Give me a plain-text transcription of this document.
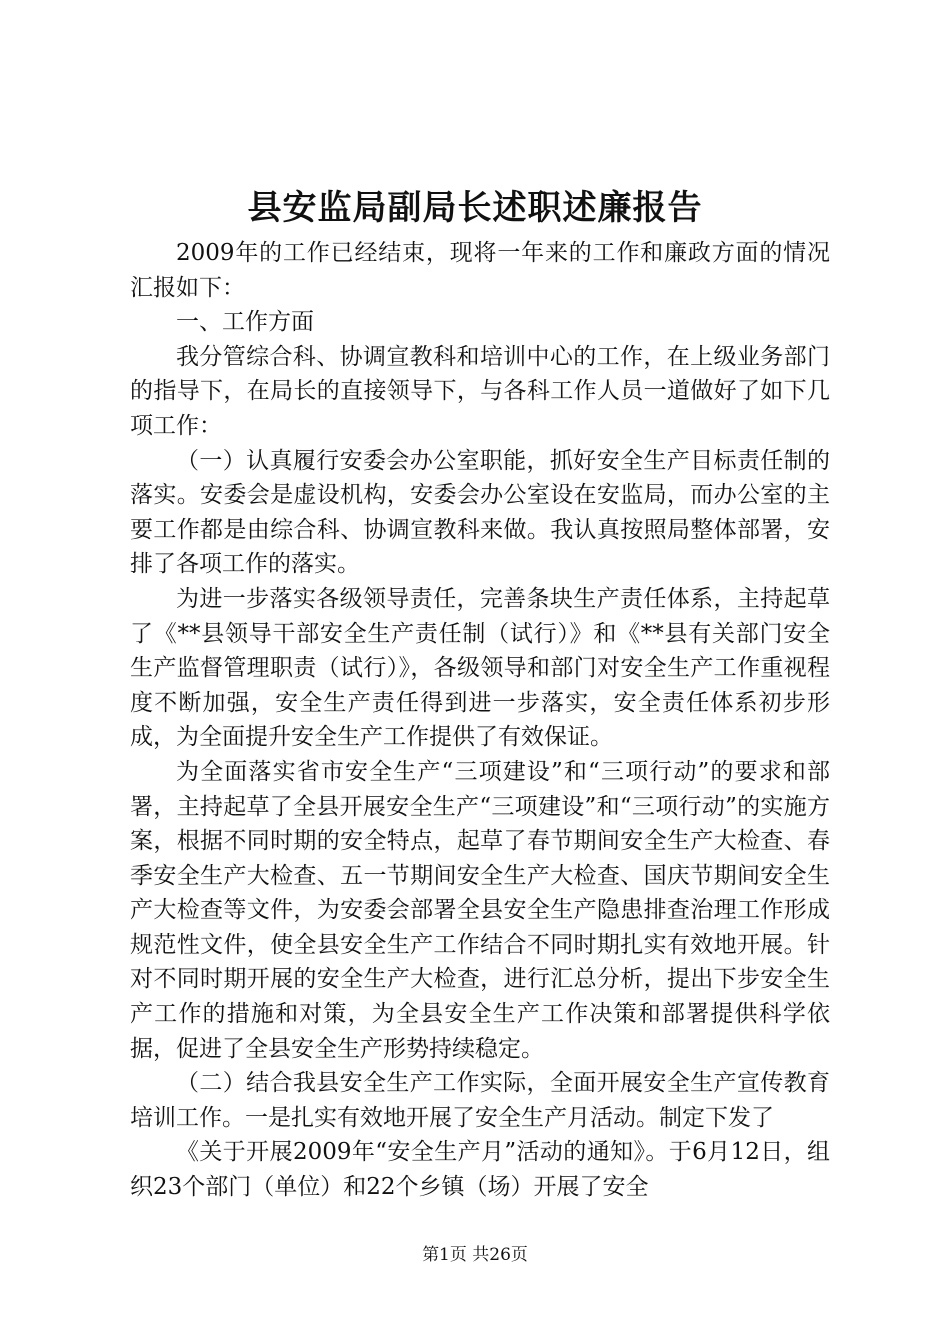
县安监局副局长述职述廉报告

2009年的工作已经结束，现将一年来的工作和廉政方面的情况汇报如下：

一、工作方面

我分管综合科、协调宣教科和培训中心的工作，在上级业务部门的指导下，在局长的直接领导下，与各科工作人员一道做好了如下几项工作：

（一）认真履行安委会办公室职能，抓好安全生产目标责任制的落实。安委会是虚设机构，安委会办公室设在安监局，而办公室的主要工作都是由综合科、协调宣教科来做。我认真按照局整体部署，安排了各项工作的落实。

为进一步落实各级领导责任，完善条块生产责任体系，主持起草了《**县领导干部安全生产责任制（试行）》和《**县有关部门安全生产监督管理职责（试行）》，各级领导和部门对安全生产工作重视程度不断加强，安全生产责任得到进一步落实，安全责任体系初步形成，为全面提升安全生产工作提供了有效保证。

为全面落实省市安全生产“三项建设”和“三项行动”的要求和部署，主持起草了全县开展安全生产“三项建设”和“三项行动”的实施方案，根据不同时期的安全特点，起草了春节期间安全生产大检查、春季安全生产大检查、五一节期间安全生产大检查、国庆节期间安全生产大检查等文件，为安委会部署全县安全生产隐患排查治理工作形成规范性文件，使全县安全生产工作结合不同时期扎实有效地开展。针对不同时期开展的安全生产大检查，进行汇总分析，提出下步安全生产工作的措施和对策，为全县安全生产工作决策和部署提供科学依据，促进了全县安全生产形势持续稳定。

（二）结合我县安全生产工作实际，全面开展安全生产宣传教育培训工作。一是扎实有效地开展了安全生产月活动。制定下发了

《关于开展2009年“安全生产月”活动的通知》。于6月12日，组织23个部门（单位）和22个乡镇（场）开展了安全

第1页 共26页
